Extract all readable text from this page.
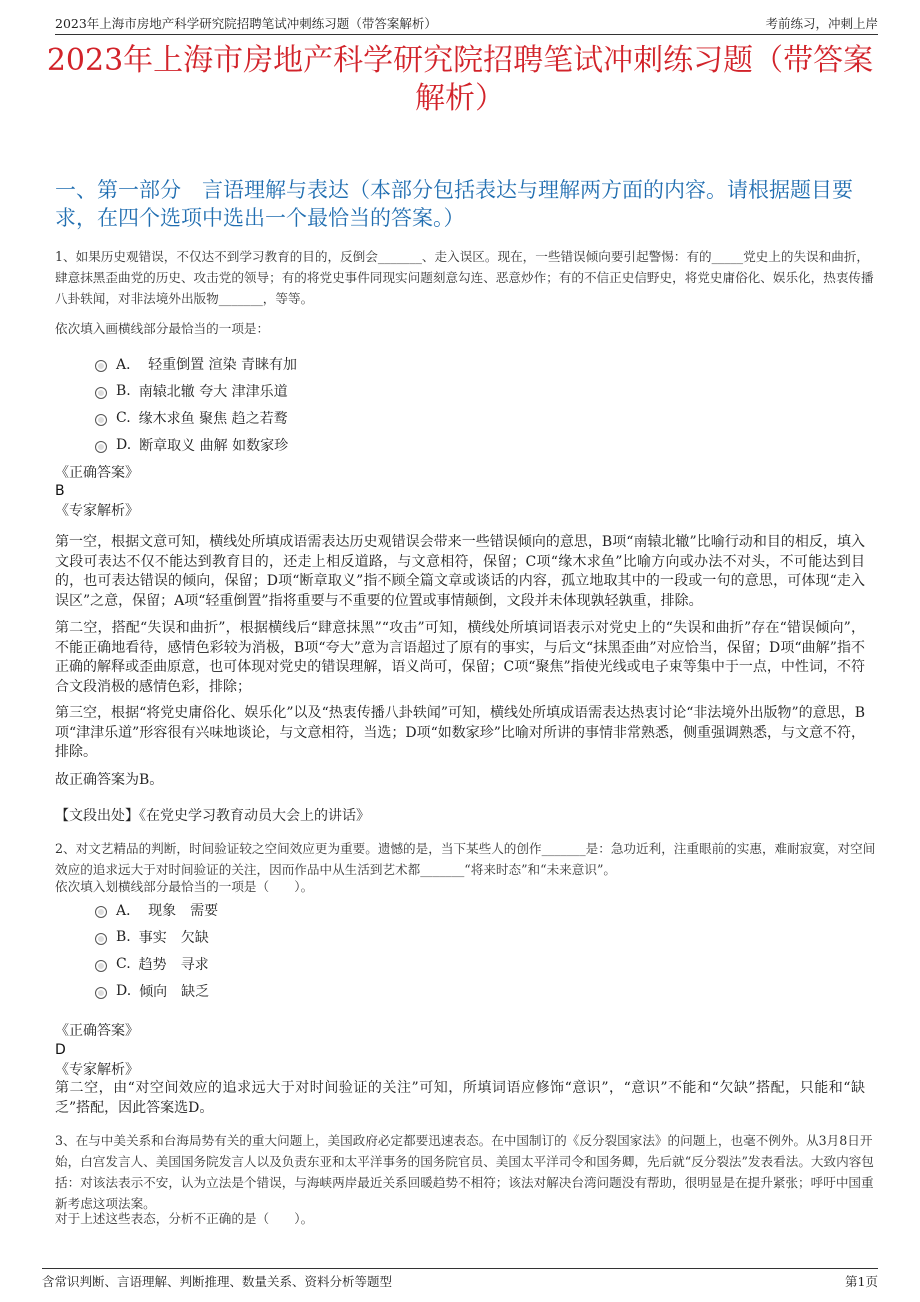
2023年上海市房地产科学研究院招聘笔试冲刺练习题（带答案解析）	考前练习，冲刺上岸
2023年上海市房地产科学研究院招聘笔试冲刺练习题（带答案解析）
一、第一部分　言语理解与表达（本部分包括表达与理解两方面的内容。请根据题目要求，在四个选项中选出一个最恰当的答案。）
1、如果历史观错误，不仅达不到学习教育的目的，反倒会_______、走入误区。现在，一些错误倾向要引起警惕：有的_____党史上的失误和曲折，肆意抹黑歪曲党的历史、攻击党的领导；有的将党史事件同现实问题刻意勾连、恶意炒作；有的不信正史信野史，将党史庸俗化、娱乐化，热衷传播八卦轶闻，对非法境外出版物_______，等等。
依次填入画横线部分最恰当的一项是：
A． 轻重倒置 渲染 青睐有加
B. 南辕北辙 夸大 津津乐道
C. 缘木求鱼 聚焦 趋之若鹜
D. 断章取义 曲解 如数家珍
《正确答案》
B
《专家解析》
第一空，根据文意可知，横线处所填成语需表达历史观错误会带来一些错误倾向的意思，B项“南辕北辙”比喻行动和目的相反，填入文段可表达不仅不能达到教育目的，还走上相反道路，与文意相符，保留；C项“缘木求鱼”比喻方向或办法不对头，不可能达到目的，也可表达错误的倾向，保留；D项“断章取义”指不顾全篇文章或谈话的内容，孤立地取其中的一段或一句的意思，可体现“走入误区”之意，保留；A项“轻重倒置”指将重要与不重要的位置或事情颠倒，文段并未体现孰轻孰重，排除。
第二空，搭配“失误和曲折”，根据横线后“肆意抹黑”“攻击”可知，横线处所填词语表示对党史上的“失误和曲折”存在“错误倾向”，不能正确地看待，感情色彩较为消极，B项“夸大”意为言语超过了原有的事实，与后文“抹黑歪曲”对应恰当，保留；D项“曲解”指不正确的解释或歪曲原意，也可体现对党史的错误理解，语义尚可，保留；C项“聚焦”指使光线或电子束等集中于一点，中性词，不符合文段消极的感情色彩，排除；
第三空，根据“将党史庸俗化、娱乐化”以及“热衷传播八卦轶闻”可知，横线处所填成语需表达热衷讨论“非法境外出版物”的意思，B项“津津乐道”形容很有兴味地谈论，与文意相符，当选；D项“如数家珍”比喻对所讲的事情非常熟悉，侧重强调熟悉，与文意不符，排除。
故正确答案为B。
【文段出处】《在党史学习教育动员大会上的讲话》
2、对文艺精品的判断，时间验证较之空间效应更为重要。遗憾的是，当下某些人的创作_______是：急功近利，注重眼前的实惠，难耐寂寞，对空间效应的追求远大于对时间验证的关注，因而作品中从生活到艺术都_______“将来时态”和“未来意识”。
依次填入划横线部分最恰当的一项是（　　）。
A． 现象　需要
B. 事实　欠缺
C. 趋势　寻求
D. 倾向　缺乏
《正确答案》
D
《专家解析》
第二空，由“对空间效应的追求远大于对时间验证的关注”可知，所填词语应修饰“意识”，“意识”不能和“欠缺”搭配，只能和“缺乏”搭配，因此答案选D。
3、在与中美关系和台海局势有关的重大问题上，美国政府必定都要迅速表态。在中国制订的《反分裂国家法》的问题上，也毫不例外。从3月8日开始，白宫发言人、美国国务院发言人以及负责东亚和太平洋事务的国务院官员、美国太平洋司令和国务卿，先后就“反分裂法”发表看法。大致内容包括：对该法表示不安，认为立法是个错误，与海峡两岸最近关系回暖趋势不相符；该法对解决台湾问题没有帮助，很明显是在提升紧张；呼吁中国重新考虑这项法案。
对于上述这些表态，分析不正确的是（　　）。
含常识判断、言语理解、判断推理、数量关系、资料分析等题型	第1页
